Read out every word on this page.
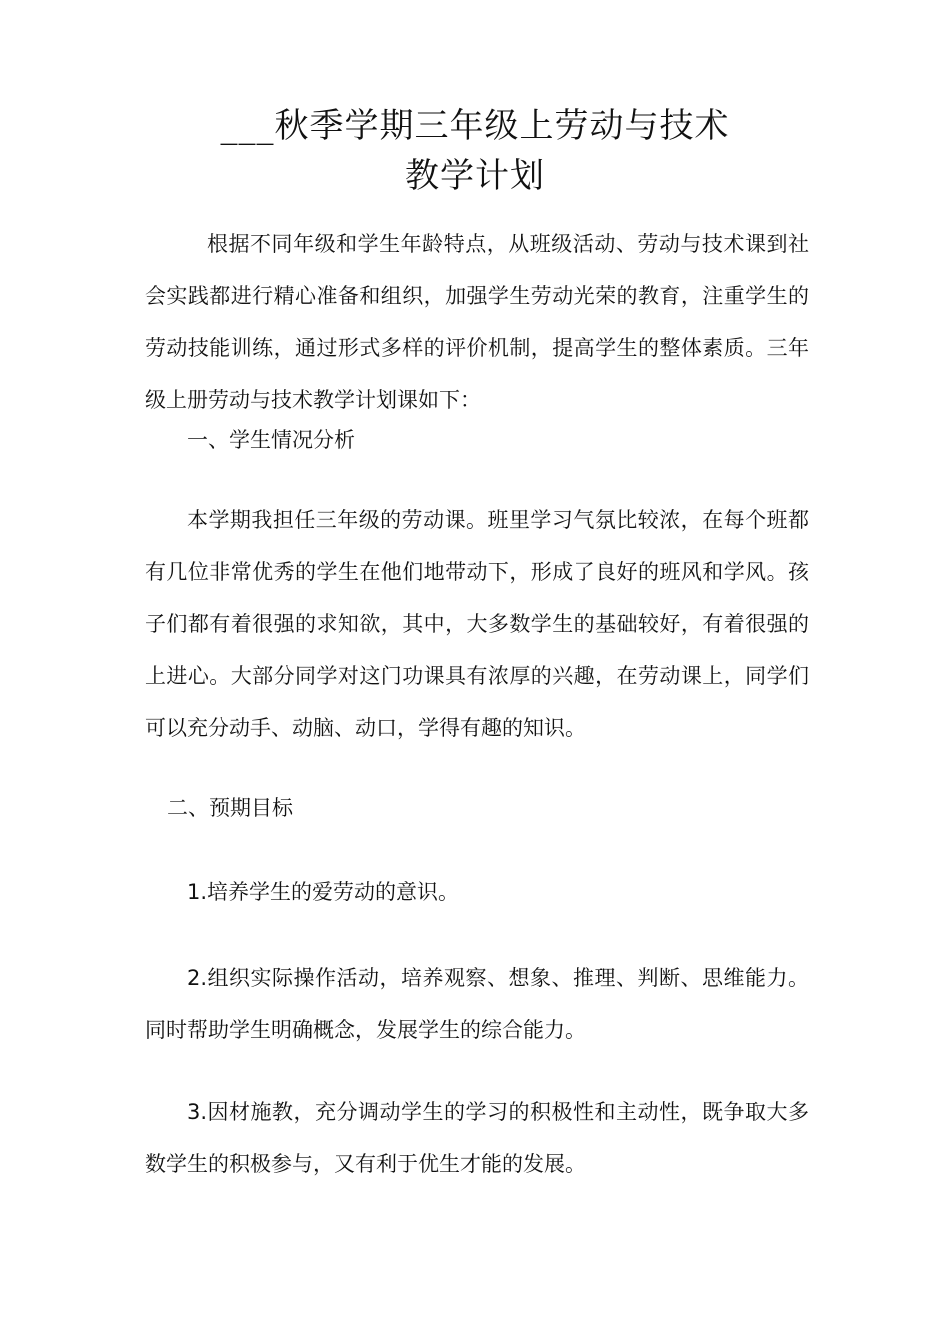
___秋季学期三年级上劳动与技术
教学计划

根据不同年级和学生年龄特点，从班级活动、劳动与技术课到社会实践都进行精心准备和组织，加强学生劳动光荣的教育，注重学生的劳动技能训练，通过形式多样的评价机制，提高学生的整体素质。三年级上册劳动与技术教学计划课如下：

一、学生情况分析

本学期我担任三年级的劳动课。班里学习气氛比较浓，在每个班都有几位非常优秀的学生在他们地带动下，形成了良好的班风和学风。孩子们都有着很强的求知欲，其中，大多数学生的基础较好，有着很强的上进心。大部分同学对这门功课具有浓厚的兴趣，在劳动课上，同学们可以充分动手、动脑、动口，学得有趣的知识。

二、预期目标

1.培养学生的爱劳动的意识。

2.组织实际操作活动，培养观察、想象、推理、判断、思维能力。同时帮助学生明确概念，发展学生的综合能力。

3.因材施教，充分调动学生的学习的积极性和主动性，既争取大多数学生的积极参与，又有利于优生才能的发展。
